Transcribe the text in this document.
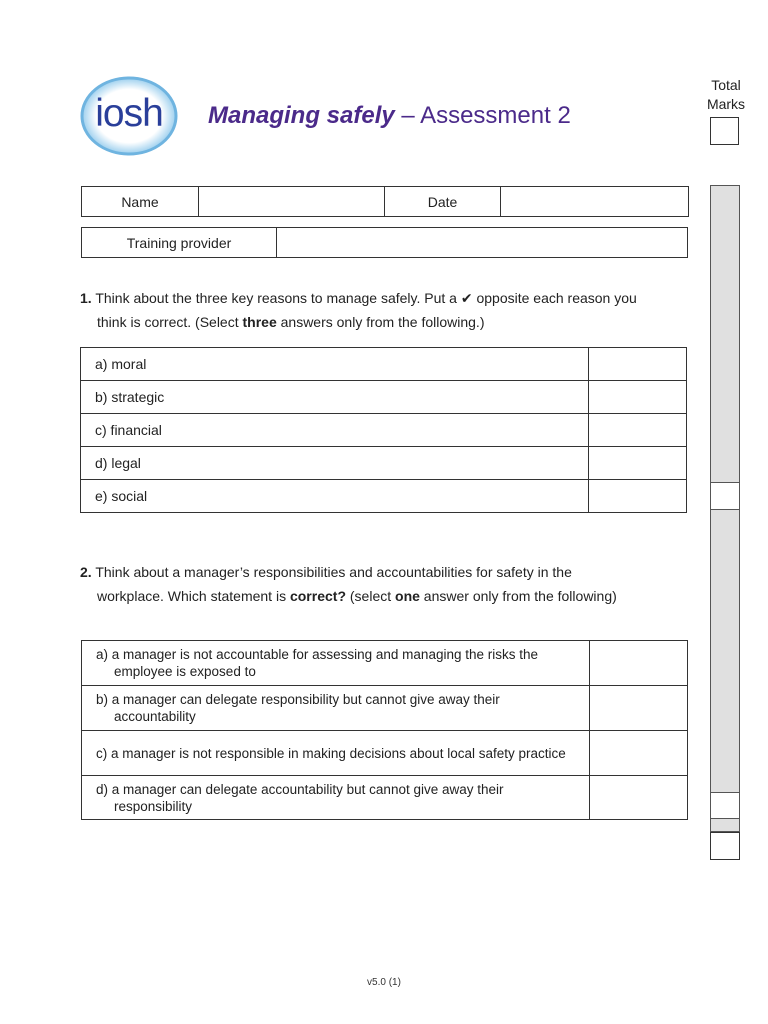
iosh	Managing safely – Assessment 2
Total
Marks
Name		Date	
Training provider	
1. Think about the three key reasons to manage safely. Put a ✔ opposite each reason you
think is correct. (Select three answers only from the following.)
a) moral	
b) strategic	
c) financial	
d) legal	
e) social	
2. Think about a manager’s responsibilities and accountabilities for safety in the
workplace. Which statement is correct? (select one answer only from the following)
a) a manager is not accountable for assessing and managing the risks the employee is exposed to	

b) a manager can delegate responsibility but cannot give away their accountability	

c) a manager is not responsible in making decisions about local safety practice	

d) a manager can delegate accountability but cannot give away their responsibility	

v5.0 (1)
